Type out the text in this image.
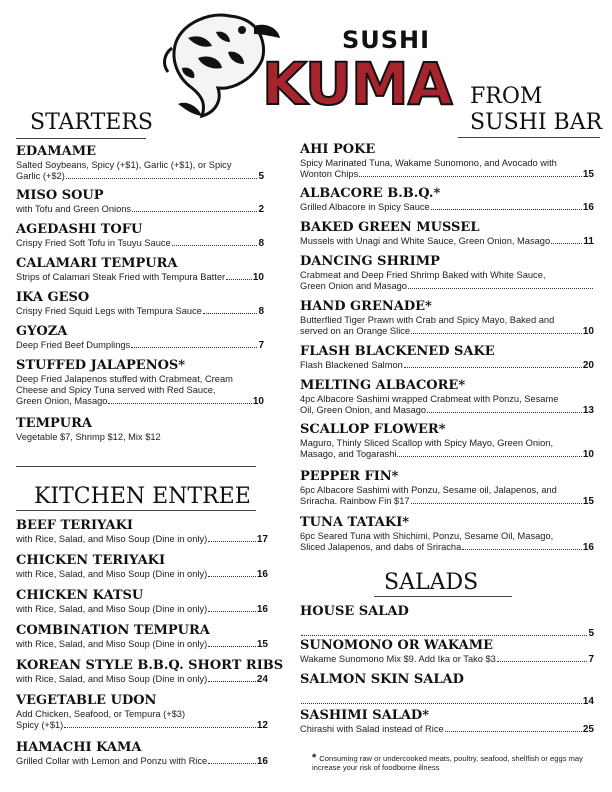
SUSHI
KUMA
STARTERS
FROM
SUSHI BAR
KITCHEN ENTREE
SALADS
EDAMAME
Salted Soybeans, Spicy (+$1), Garlic (+$1), or Spicy
Garlic (+$2)	5
MISO SOUP
with Tofu and Green Onions	2
AGEDASHI TOFU
Crispy Fried Soft Tofu in Tsuyu Sauce	8
CALAMARI TEMPURA
Strips of Calamari Steak Fried with Tempura Batter	10
IKA GESO
Crispy Fried Squid Legs with Tempura Sauce	8
GYOZA
Deep Fried Beef Dumplings	7
STUFFED JALAPENOS*
Deep Fried Jalapenos stuffed with Crabmeat, Cream Cheese and Spicy Tuna served with Red Sauce,
Green Onion, Masago	10
TEMPURA
Vegetable $7, Shrimp $12, Mix $12
BEEF TERIYAKI
with Rice, Salad, and Miso Soup (Dine in only)	17
CHICKEN TERIYAKI
with Rice, Salad, and Miso Soup (Dine in only)	16
CHICKEN KATSU
with Rice, Salad, and Miso Soup (Dine in only)	16
COMBINATION TEMPURA
with Rice, Salad, and Miso Soup (Dine in only)	15
KOREAN STYLE B.B.Q. SHORT RIBS
with Rice, Salad, and Miso Soup (Dine in only)	24
VEGETABLE UDON
Add Chicken, Seafood, or Tempura (+$3)
Spicy (+$1)	12
HAMACHI KAMA
Grilled Collar with Lemon and Ponzu with Rice	16
AHI POKE
Spicy Marinated Tuna, Wakame Sunomono, and Avocado with
Wonton Chips	15
ALBACORE B.B.Q.*
Grilled Albacore in Spicy Sauce	16
BAKED GREEN MUSSEL
Mussels with Unagi and White Sauce, Green Onion, Masago	11
DANCING SHRIMP
Crabmeat and Deep Fried Shrimp Baked with White Sauce,
Green Onion and Masago
HAND GRENADE*
Butterflied Tiger Prawn with Crab and Spicy Mayo, Baked and
served on an Orange Slice	10
FLASH BLACKENED SAKE
Flash Blackened Salmon	20
MELTING ALBACORE*
4pc Albacore Sashimi wrapped Crabmeat with Ponzu, Sesame
Oil, Green Onion, and Masago	13
SCALLOP FLOWER*
Maguro, Thinly Sliced Scallop with Spicy Mayo, Green Onion,
Masago, and Togarashi	10
PEPPER FIN*
6pc Albacore Sashimi with Ponzu, Sesame oil, Jalapenos, and
Sriracha. Rainbow Fin $17	15
TUNA TATAKI*
6pc Seared Tuna with Shichimi, Ponzu, Sesame Oil, Masago,
Sliced Jalapenos, and dabs of Sriracha	16
HOUSE SALAD
5
SUNOMONO OR WAKAME
Wakame Sunomono Mix $9. Add Ika or Tako $3	7
SALMON SKIN SALAD
14
SASHIMI SALAD*
Chirashi with Salad instead of Rice	25
* Consuming raw or undercooked meats, poultry, seafood, shellfish or eggs may increase your risk of foodborne illness
